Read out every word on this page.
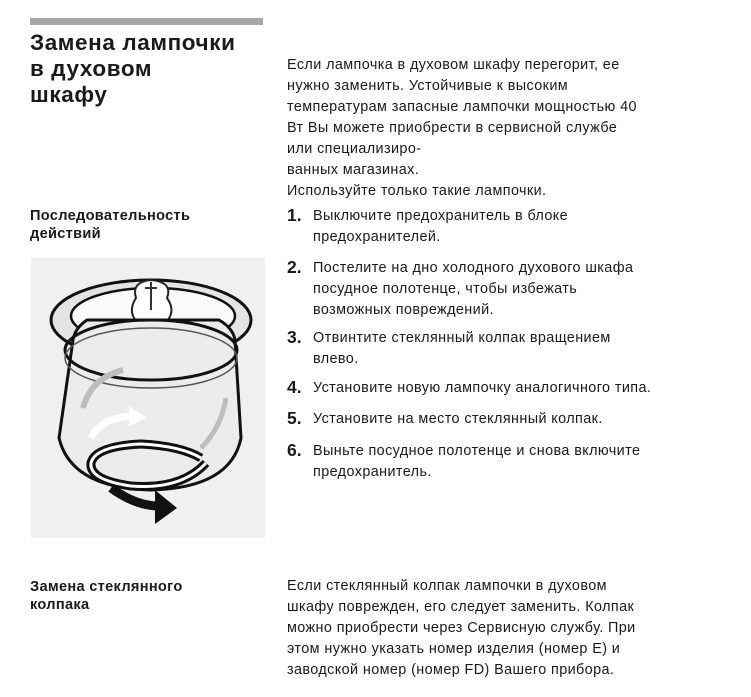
Замена лампочки
в духовом
шкафу
Если лампочка в духовом шкафу перегорит, ее
нужно заменить. Устойчивые к высоким
температурам запасные лампочки мощностью 40
Вт Вы можете приобрести в сервисной службе
или специализиро-
ванных магазинах.
Используйте только такие лампочки.
Последовательность
действий
1. Выключите предохранитель в блоке
предохранителей.
2. Постелите на дно холодного духового шкафа
посудное полотенце, чтобы избежать
возможных повреждений.
3. Отвинтите стеклянный колпак вращением
влево.
4. Установите новую лампочку аналогичного типа.
5. Установите на место стеклянный колпак.
6. Выньте посудное полотенце и снова включите
предохранитель.
Замена стеклянного
колпака
Если стеклянный колпак лампочки в духовом
шкафу поврежден, его следует заменить. Колпак
можно приобрести через Сервисную службу. При
этом нужно указать номер изделия (номер E) и
заводской номер (номер FD) Вашего прибора.
